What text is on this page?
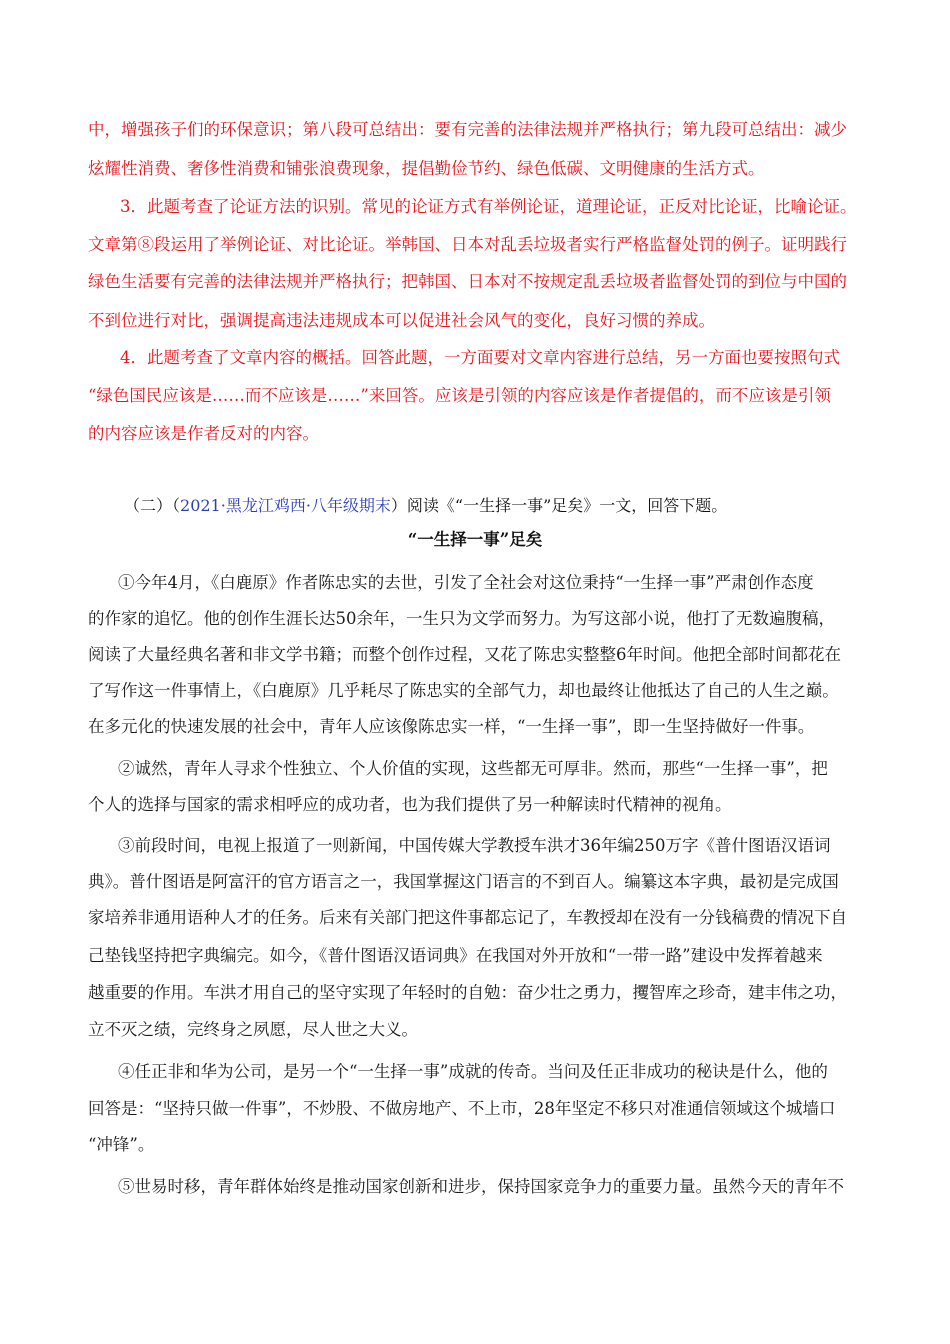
中，增强孩子们的环保意识；第八段可总结出：要有完善的法律法规并严格执行；第九段可总结出：减少
炫耀性消费、奢侈性消费和铺张浪费现象，提倡勤俭节约、绿色低碳、文明健康的生活方式。
3．此题考查了论证方法的识别。常见的论证方式有举例论证，道理论证，正反对比论证，比喻论证。
文章第⑧段运用了举例论证、对比论证。举韩国、日本对乱丢垃圾者实行严格监督处罚的例子。证明践行
绿色生活要有完善的法律法规并严格执行；把韩国、日本对不按规定乱丢垃圾者监督处罚的到位与中国的
不到位进行对比，强调提高违法违规成本可以促进社会风气的变化，良好习惯的养成。
4．此题考查了文章内容的概括。回答此题，一方面要对文章内容进行总结，另一方面也要按照句式
“绿色国民应该是……而不应该是……”来回答。应该是引领的内容应该是作者提倡的，而不应该是引领
的内容应该是作者反对的内容。
（二）（2021·黑龙江鸡西·八年级期末）阅读《“一生择一事”足矣》一文，回答下题。
“一生择一事”足矣
①今年4月，《白鹿原》作者陈忠实的去世，引发了全社会对这位秉持“一生择一事”严肃创作态度
的作家的追忆。他的创作生涯长达50余年，一生只为文学而努力。为写这部小说，他打了无数遍腹稿，
阅读了大量经典名著和非文学书籍；而整个创作过程，又花了陈忠实整整6年时间。他把全部时间都花在
了写作这一件事情上，《白鹿原》几乎耗尽了陈忠实的全部气力，却也最终让他抵达了自己的人生之巅。
在多元化的快速发展的社会中，青年人应该像陈忠实一样，“一生择一事”，即一生坚持做好一件事。
②诚然，青年人寻求个性独立、个人价值的实现，这些都无可厚非。然而，那些“一生择一事”，把
个人的选择与国家的需求相呼应的成功者，也为我们提供了另一种解读时代精神的视角。
③前段时间，电视上报道了一则新闻，中国传媒大学教授车洪才36年编250万字《普什图语汉语词
典》。普什图语是阿富汗的官方语言之一，我国掌握这门语言的不到百人。编纂这本字典，最初是完成国
家培养非通用语种人才的任务。后来有关部门把这件事都忘记了，车教授却在没有一分钱稿费的情况下自
己垫钱坚持把字典编完。如今，《普什图语汉语词典》在我国对外开放和“一带一路”建设中发挥着越来
越重要的作用。车洪才用自己的坚守实现了年轻时的自勉：奋少壮之勇力，攫智库之珍奇，建丰伟之功，
立不灭之绩，完终身之夙愿，尽人世之大义。
④任正非和华为公司，是另一个“一生择一事”成就的传奇。当问及任正非成功的秘诀是什么，他的
回答是：“坚持只做一件事”，不炒股、不做房地产、不上市，28年坚定不移只对准通信领域这个城墙口
“冲锋”。
⑤世易时移，青年群体始终是推动国家创新和进步，保持国家竞争力的重要力量。虽然今天的青年不
